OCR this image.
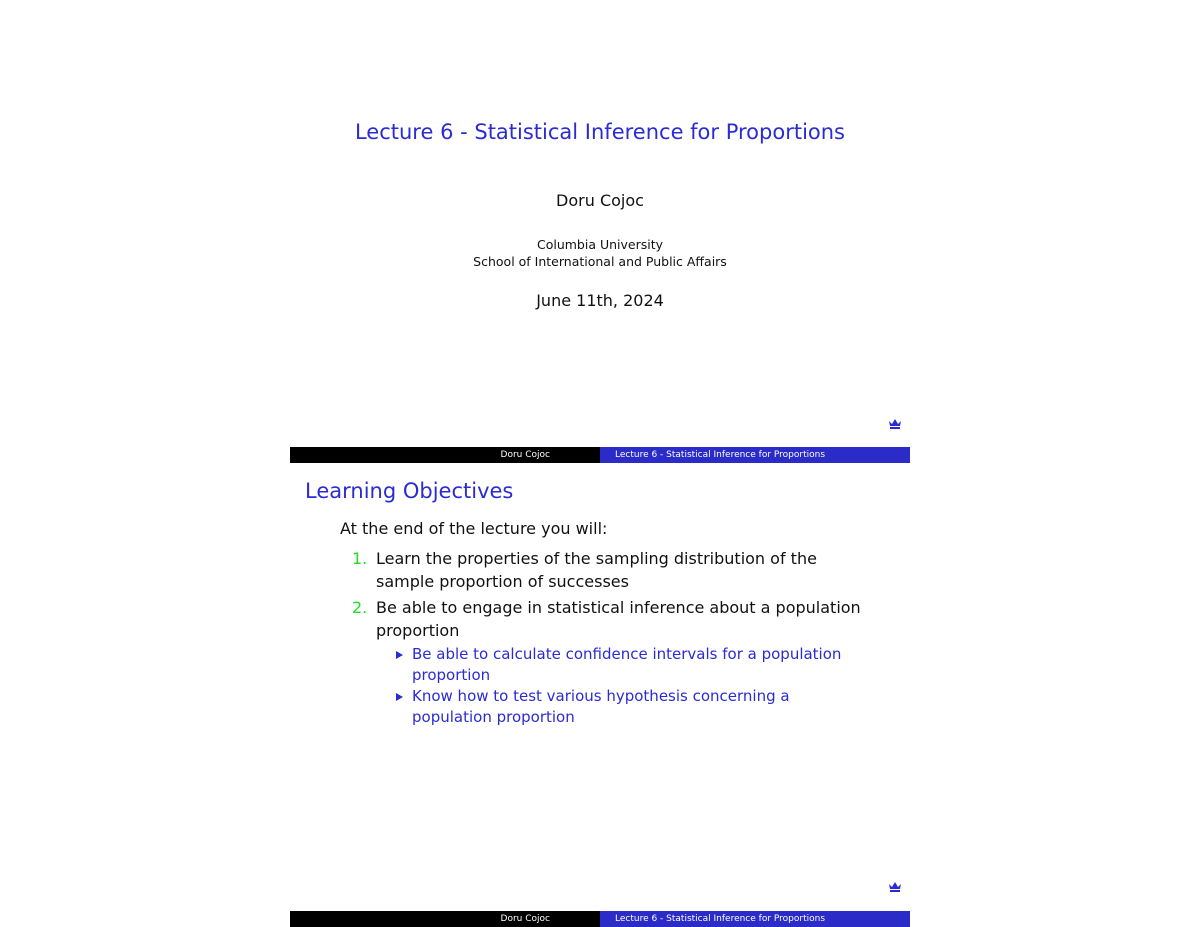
Lecture 6 - Statistical Inference for Proportions
Doru Cojoc
Columbia University
School of International and Public Affairs
June 11th, 2024
Doru Cojoc	Lecture 6 - Statistical Inference for Proportions
Learning Objectives
At the end of the lecture you will:
1. Learn the properties of the sampling distribution of the sample proportion of successes
2. Be able to engage in statistical inference about a population proportion
Be able to calculate confidence intervals for a population proportion
Know how to test various hypothesis concerning a population proportion
Doru Cojoc	Lecture 6 - Statistical Inference for Proportions
